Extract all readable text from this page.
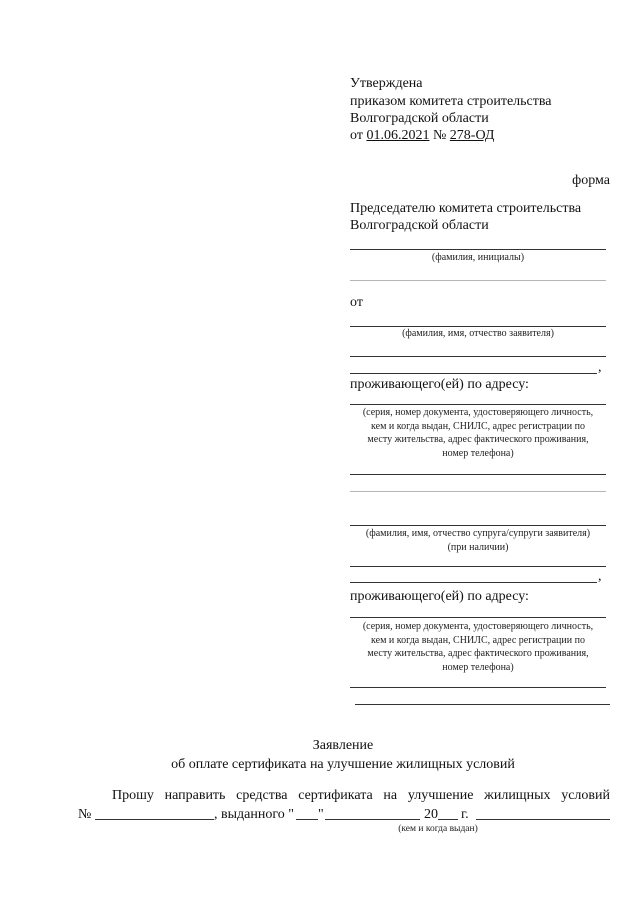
Утверждена
приказом комитета строительства
Волгоградской области
от 01.06.2021 № 278-ОД
форма
Председателю комитета строительства
Волгоградской области
(фамилия, инициалы)
от
(фамилия, имя, отчество заявителя)
,
проживающего(ей) по адресу:
(серия, номер документа, удостоверяющего личность,
кем и когда выдан, СНИЛС, адрес регистрации по
месту жительства, адрес фактического проживания,
номер телефона)
(фамилия, имя, отчество супруга/супруги заявителя)
(при наличии)
,
проживающего(ей) по адресу:
(серия, номер документа, удостоверяющего личность,
кем и когда выдан, СНИЛС, адрес регистрации по
месту жительства, адрес фактического проживания,
номер телефона)
Заявление
об оплате сертификата на улучшение жилищных условий
Прошу направить средства сертификата на улучшение жилищных условий
№	, выданного " "	20 г.
(кем и когда выдан)
